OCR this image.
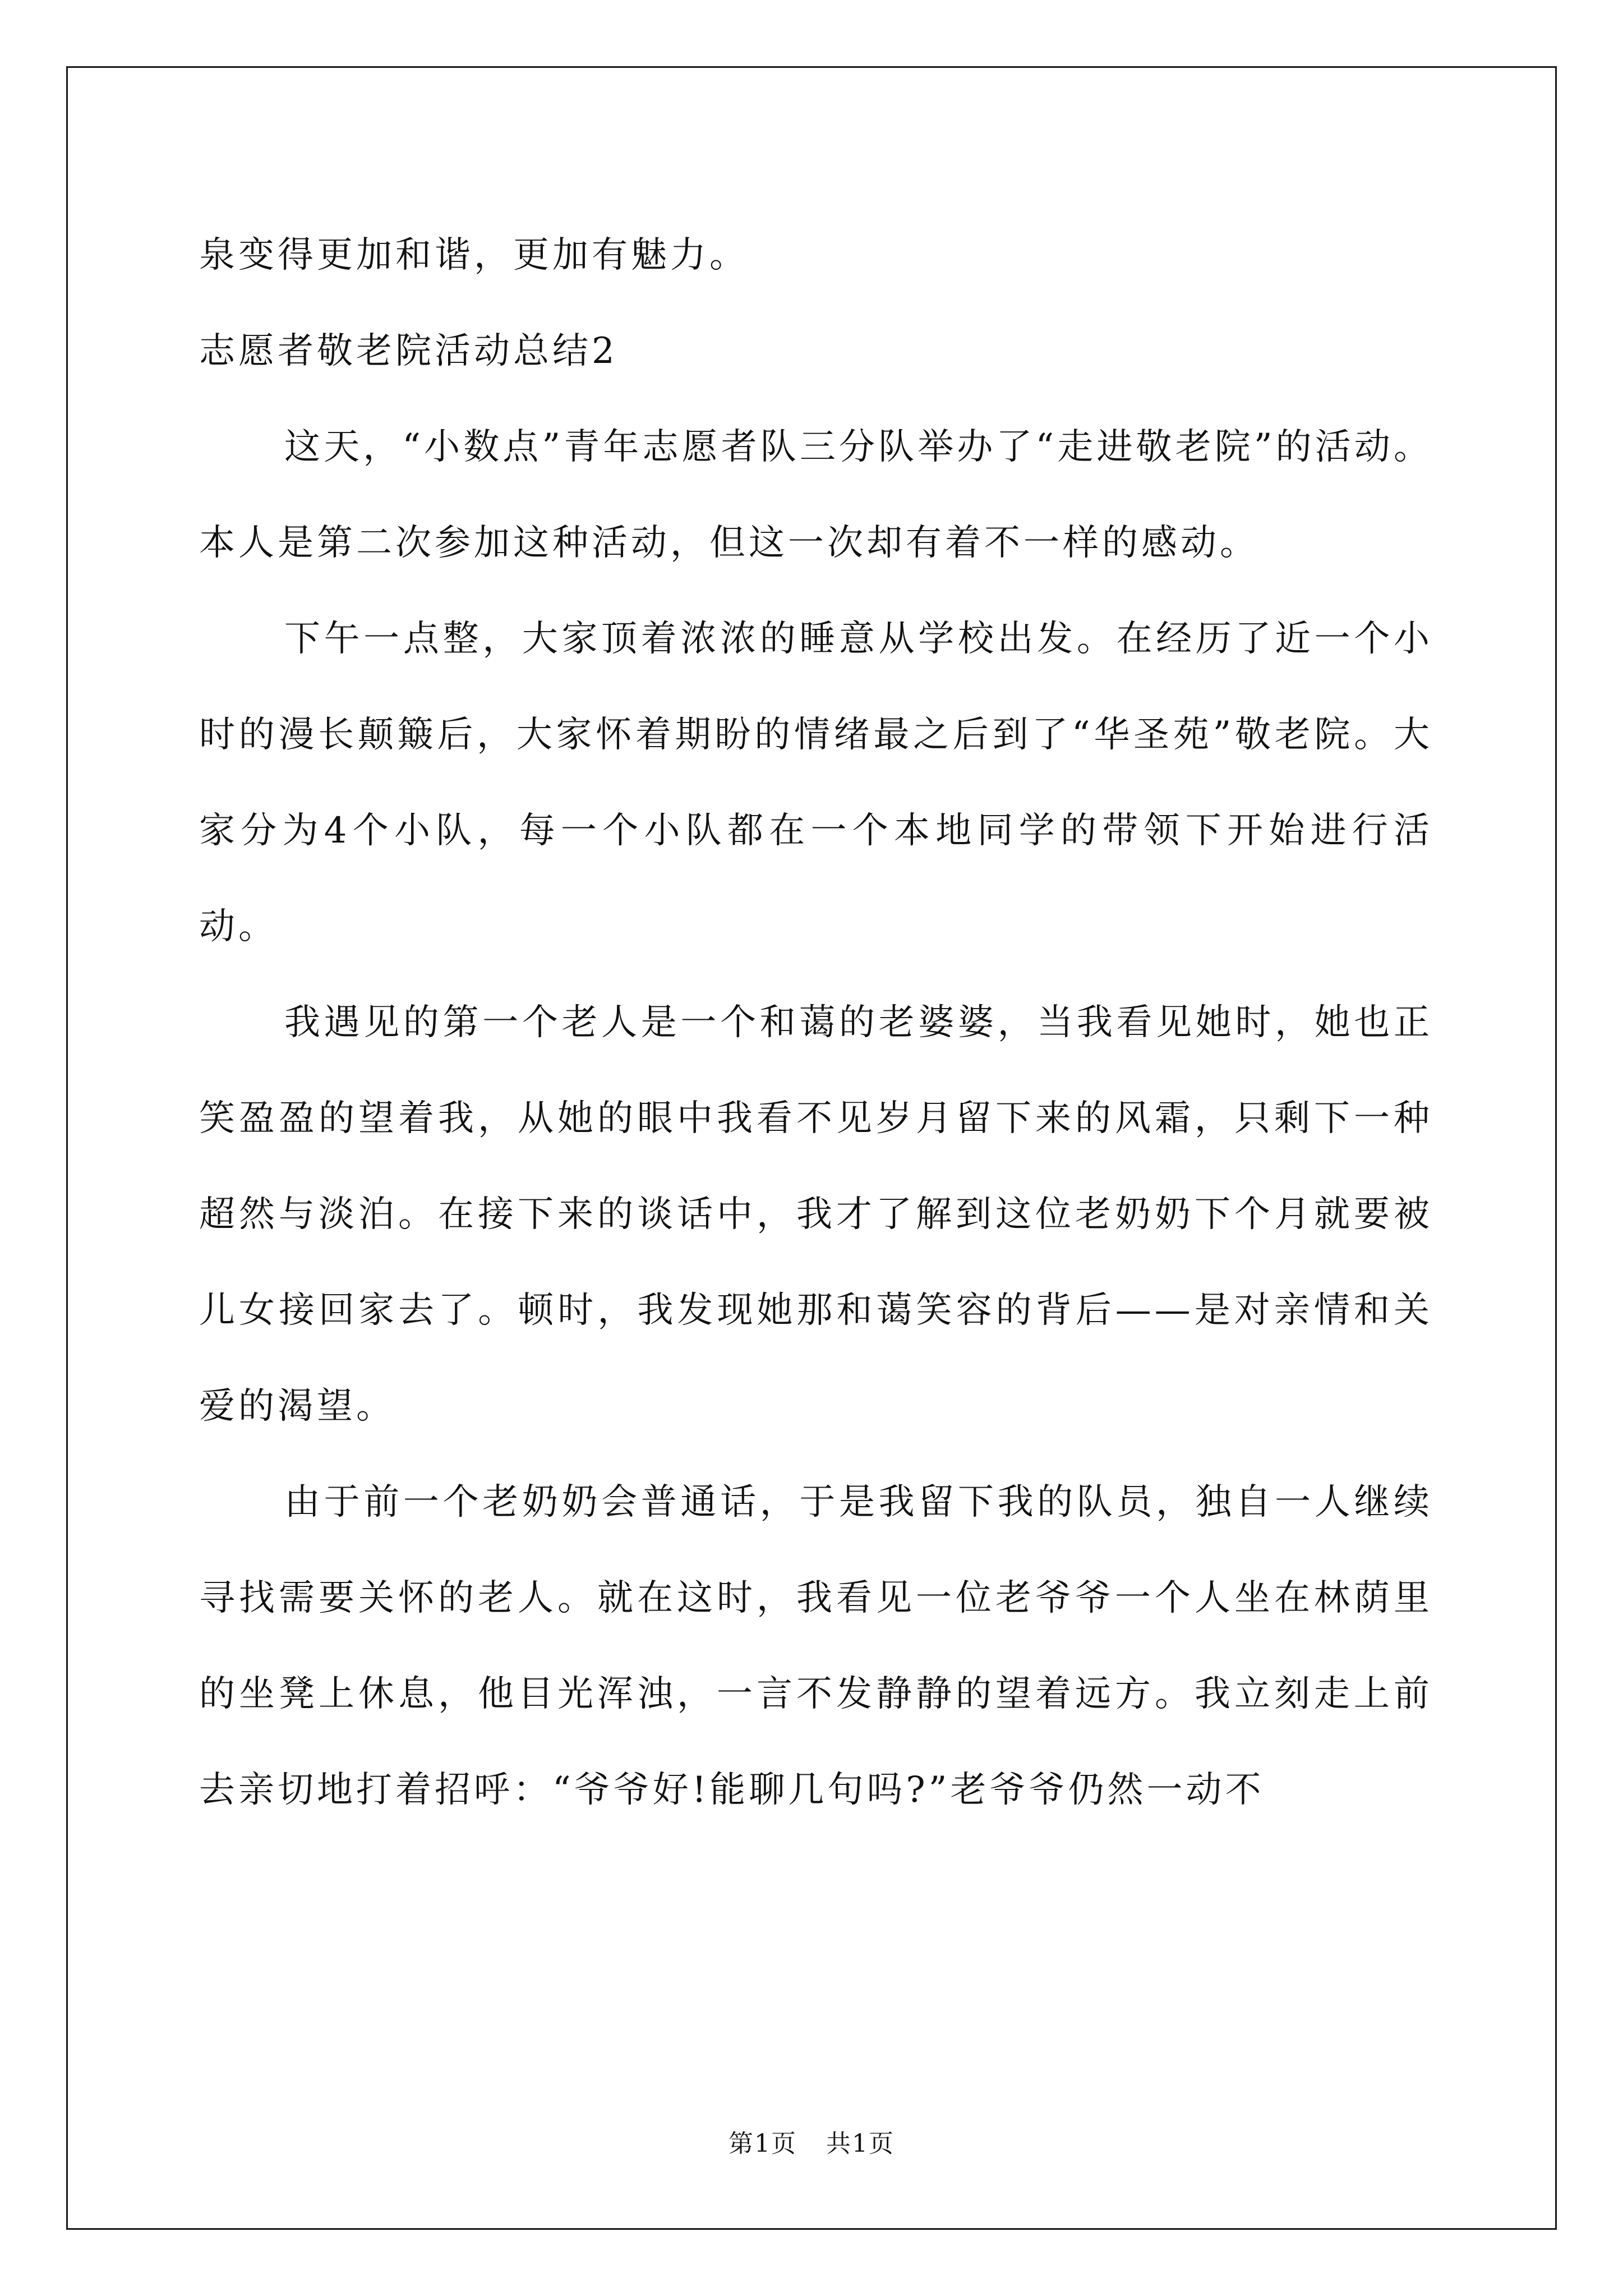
泉变得更加和谐，更加有魅力。

志愿者敬老院活动总结2

这天，“小数点”青年志愿者队三分队举办了“走进敬老院”的活动。本人是第二次参加这种活动，但这一次却有着不一样的感动。

下午一点整，大家顶着浓浓的睡意从学校出发。在经历了近一个小时的漫长颠簸后，大家怀着期盼的情绪最之后到了“华圣苑”敬老院。大家分为4个小队，每一个小队都在一个本地同学的带领下开始进行活动。

我遇见的第一个老人是一个和蔼的老婆婆，当我看见她时，她也正笑盈盈的望着我，从她的眼中我看不见岁月留下来的风霜，只剩下一种超然与淡泊。在接下来的谈话中，我才了解到这位老奶奶下个月就要被儿女接回家去了。顿时，我发现她那和蔼笑容的背后——是对亲情和关爱的渴望。

由于前一个老奶奶会普通话，于是我留下我的队员，独自一人继续寻找需要关怀的老人。就在这时，我看见一位老爷爷一个人坐在林荫里的坐凳上休息，他目光浑浊，一言不发静静的望着远方。我立刻走上前去亲切地打着招呼：“爷爷好!能聊几句吗?”老爷爷仍然一动不

第1页 共1页
